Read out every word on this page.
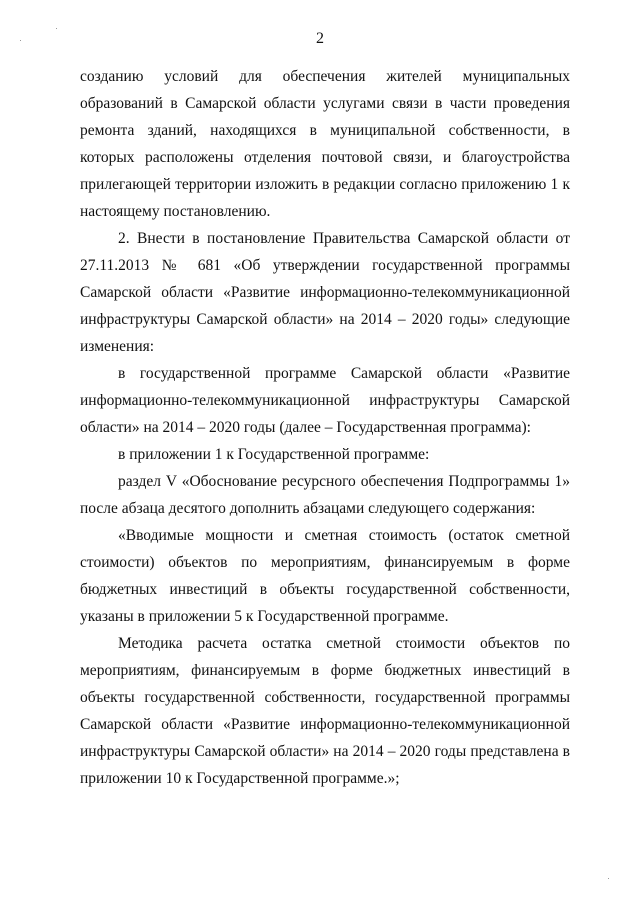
2

созданию условий для обеспечения жителей муниципальных образований в Самарской области услугами связи в части проведения ремонта зданий, находящихся в муниципальной собственности, в которых расположены отделения почтовой связи, и благоустройства прилегающей территории изложить в редакции согласно приложению 1 к настоящему постановлению.

2. Внести в постановление Правительства Самарской области от 27.11.2013 № 681 «Об утверждении государственной программы Самарской области «Развитие информационно-телекоммуникационной инфраструктуры Самарской области» на 2014 – 2020 годы» следующие изменения:

в государственной программе Самарской области «Развитие информационно-телекоммуникационной инфраструктуры Самарской области» на 2014 – 2020 годы (далее – Государственная программа):

в приложении 1 к Государственной программе:

раздел V «Обоснование ресурсного обеспечения Подпрограммы 1» после абзаца десятого дополнить абзацами следующего содержания:

«Вводимые мощности и сметная стоимость (остаток сметной стоимости) объектов по мероприятиям, финансируемым в форме бюджетных инвестиций в объекты государственной собственности, указаны в приложении 5 к Государственной программе.

Методика расчета остатка сметной стоимости объектов по мероприятиям, финансируемым в форме бюджетных инвестиций в объекты государственной собственности, государственной программы Самарской области «Развитие информационно-телекоммуникационной инфраструктуры Самарской области» на 2014 – 2020 годы представлена в приложении 10 к Государственной программе.»;
